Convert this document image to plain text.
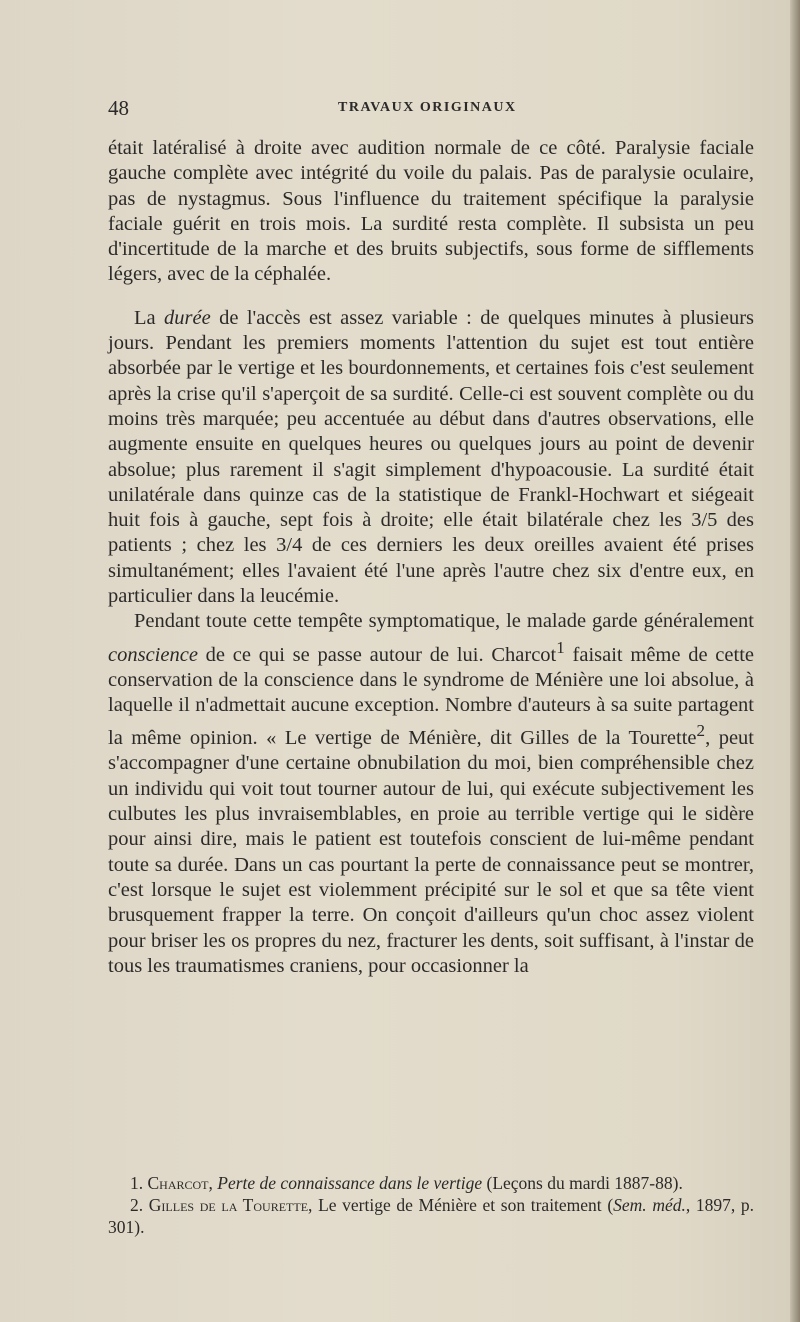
48	TRAVAUX ORIGINAUX

était latéralisé à droite avec audition normale de ce côté. Paralysie faciale gauche complète avec intégrité du voile du palais. Pas de paralysie oculaire, pas de nystagmus. Sous l'influence du traitement spécifique la paralysie faciale guérit en trois mois. La surdité resta complète. Il subsista un peu d'incertitude de la marche et des bruits subjectifs, sous forme de sifflements légers, avec de la céphalée.

La durée de l'accès est assez variable : de quelques minutes à plusieurs jours. Pendant les premiers moments l'attention du sujet est tout entière absorbée par le vertige et les bourdonnements, et certaines fois c'est seulement après la crise qu'il s'aperçoit de sa surdité. Celle-ci est souvent complète ou du moins très marquée; peu accentuée au début dans d'autres observations, elle augmente ensuite en quelques heures ou quelques jours au point de devenir absolue; plus rarement il s'agit simplement d'hypoacousie. La surdité était unilatérale dans quinze cas de la statistique de Frankl-Hochwart et siégeait huit fois à gauche, sept fois à droite; elle était bilatérale chez les 3/5 des patients ; chez les 3/4 de ces derniers les deux oreilles avaient été prises simultanément; elles l'avaient été l'une après l'autre chez six d'entre eux, en particulier dans la leucémie.

Pendant toute cette tempête symptomatique, le malade garde généralement conscience de ce qui se passe autour de lui. Charcot$^1$ faisait même de cette conservation de la conscience dans le syndrome de Ménière une loi absolue, à laquelle il n'admettait aucune exception. Nombre d'auteurs à sa suite partagent la même opinion. « Le vertige de Ménière, dit Gilles de la Tourette$^2$, peut s'accompagner d'une certaine obnubilation du moi, bien compréhensible chez un individu qui voit tout tourner autour de lui, qui exécute subjectivement les culbutes les plus invraisemblables, en proie au terrible vertige qui le sidère pour ainsi dire, mais le patient est toutefois conscient de lui-même pendant toute sa durée. Dans un cas pourtant la perte de connaissance peut se montrer, c'est lorsque le sujet est violemment précipité sur le sol et que sa tête vient brusquement frapper la terre. On conçoit d'ailleurs qu'un choc assez violent pour briser les os propres du nez, fracturer les dents, soit suffisant, à l'instar de tous les traumatismes craniens, pour occasionner la

1. Charcot, Perte de connaissance dans le vertige (Leçons du mardi 1887-88).

2. Gilles de la Tourette, Le vertige de Ménière et son traitement (Sem. méd., 1897, p. 301).
